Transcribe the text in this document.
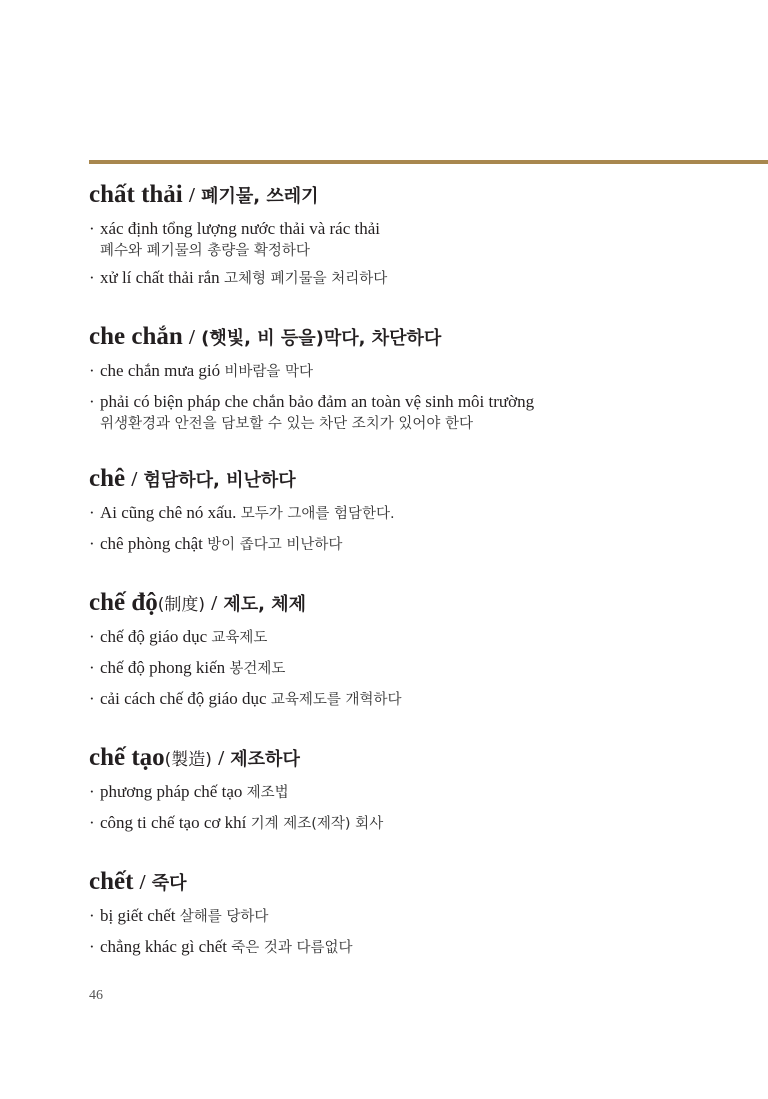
chất thải / 폐기물, 쓰레기
· xác định tổng lượng nước thải và rác thải
폐수와 폐기물의 총량을 확정하다
· xử lí chất thải rắn 고체형 폐기물을 처리하다
che chắn / (햇빛, 비 등을)막다, 차단하다
· che chắn mưa gió 비바람을 막다
· phải có biện pháp che chắn bảo đảm an toàn vệ sinh môi trường
위생환경과 안전을 담보할 수 있는 차단 조치가 있어야 한다
chê / 험담하다, 비난하다
· Ai cũng chê nó xấu. 모두가 그애를 험담한다.
· chê phòng chật 방이 좁다고 비난하다
chế độ(制度) / 제도, 체제
· chế độ giáo dục 교육제도
· chế độ phong kiến 봉건제도
· cải cách chế độ giáo dục 교육제도를 개혁하다
chế tạo(製造) / 제조하다
· phương pháp chế tạo 제조법
· công ti chế tạo cơ khí 기계 제조(제작) 회사
chết / 죽다
· bị giết chết 살해를 당하다
· chẳng khác gì chết 죽은 것과 다름없다
46
